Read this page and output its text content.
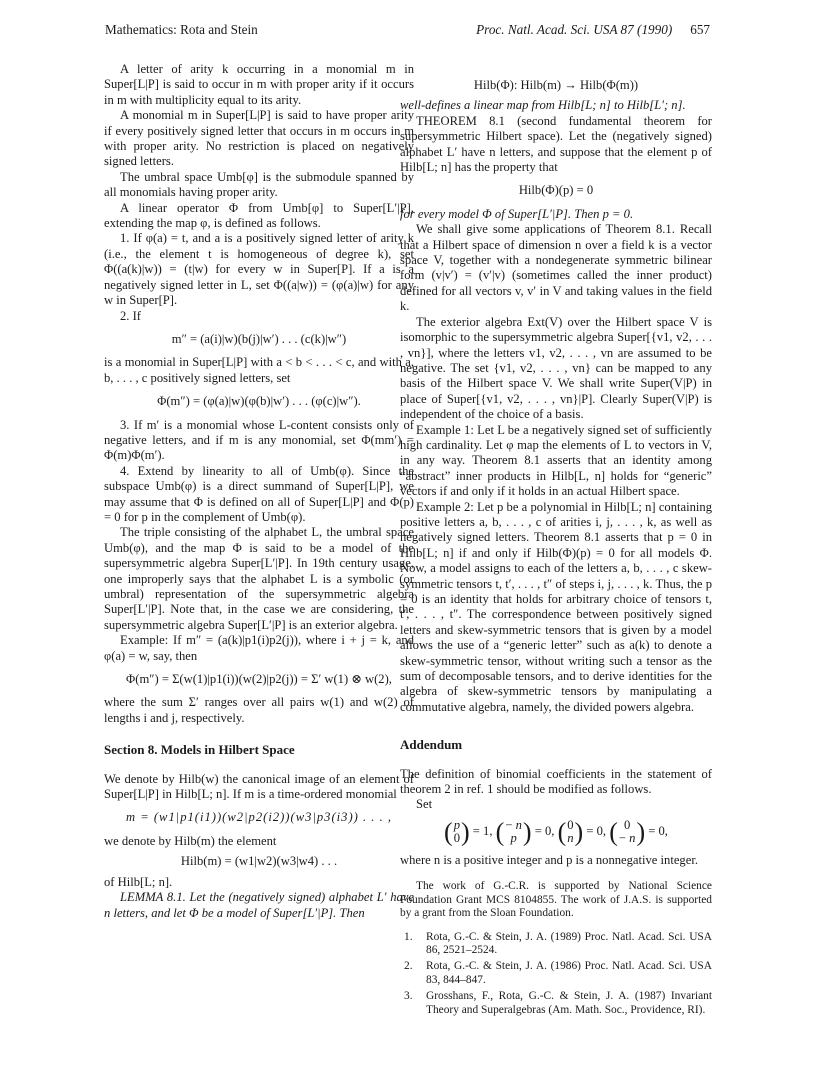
Mathematics: Rota and Stein	Proc. Natl. Acad. Sci. USA 87 (1990) 657

A letter of arity k occurring in a monomial m in Super[L|P] is said to occur in m with proper arity if it occurs in m with multiplicity equal to its arity.

A monomial m in Super[L|P] is said to have proper arity if every positively signed letter that occurs in m occurs in m with proper arity. No restriction is placed on negatively signed letters.

The umbral space Umb[φ] is the submodule spanned by all monomials having proper arity.

A linear operator Φ from Umb[φ] to Super[L′|P], extending the map φ, is defined as follows.

1. If φ(a) = t, and a is a positively signed letter of arity k (i.e., the element t is homogeneous of degree k), set Φ((a(k)|w)) = (t|w) for every w in Super[P]. If a is a negatively signed letter in L, set Φ((a|w)) = (φ(a)|w) for any w in Super[P].

2. If

m″ = (a(i)|w)(b(j)|w′) . . . (c(k)|w″)

is a monomial in Super[L|P] with a < b < . . . < c, and with a, b, . . . , c positively signed letters, set

Φ(m″) = (φ(a)|w)(φ(b)|w′) . . . (φ(c)|w″).

3. If m′ is a monomial whose L-content consists only of negative letters, and if m is any monomial, set Φ(mm′) = Φ(m)Φ(m′).

4. Extend by linearity to all of Umb(φ). Since the subspace Umb(φ) is a direct summand of Super[L|P], we may assume that Φ is defined on all of Super[L|P] and Φ(p) = 0 for p in the complement of Umb(φ).

The triple consisting of the alphabet L, the umbral space Umb(φ), and the map Φ is said to be a model of the supersymmetric algebra Super[L′|P]. In 19th century usage, one improperly says that the alphabet L is a symbolic (or umbral) representation of the supersymmetric algebra Super[L′|P]. Note that, in the case we are considering, the supersymmetric algebra Super[L′|P] is an exterior algebra.

Example: If m″ = (a(k)|p1(i)p2(j)), where i + j = k, and φ(a) = w, say, then

Φ(m″) = Σ(w(1)|p1(i))(w(2)|p2(j)) = Σ′ w(1) ⊗ w(2),

where the sum Σ′ ranges over all pairs w(1) and w(2) of lengths i and j, respectively.

Section 8. Models in Hilbert Space

We denote by Hilb(w) the canonical image of an element of Super[L|P] in Hilb[L; n]. If m is a time-ordered monomial

m = (w1|p1(i1))(w2|p2(i2))(w3|p3(i3)) . . . ,

we denote by Hilb(m) the element

Hilb(m) = (w1|w2)(w3|w4) . . .

of Hilb[L; n].

LEMMA 8.1. Let the (negatively signed) alphabet L′ have n letters, and let Φ be a model of Super[L′|P]. Then

Hilb(Φ): Hilb(m) → Hilb(Φ(m))

well-defines a linear map from Hilb[L; n] to Hilb[L′; n].

THEOREM 8.1 (second fundamental theorem for supersymmetric Hilbert space). Let the (negatively signed) alphabet L′ have n letters, and suppose that the element p of Hilb[L; n] has the property that

Hilb(Φ)(p) = 0

for every model Φ of Super[L′|P]. Then p = 0.

We shall give some applications of Theorem 8.1. Recall that a Hilbert space of dimension n over a field k is a vector space V, together with a nondegenerate symmetric bilinear form (v|v′) = (v′|v) (sometimes called the inner product) defined for all vectors v, v′ in V and taking values in the field k.

The exterior algebra Ext(V) over the Hilbert space V is isomorphic to the supersymmetric algebra Super[{v1, v2, . . . , vn}], where the letters v1, v2, . . . , vn are assumed to be negative. The set {v1, v2, . . . , vn} can be mapped to any basis of the Hilbert space V. We shall write Super(V|P) in place of Super[{v1, v2, . . . , vn}|P]. Clearly Super(V|P) is independent of the choice of a basis.

Example 1: Let L be a negatively signed set of sufficiently high cardinality. Let φ map the elements of L to vectors in V, in any way. Theorem 8.1 asserts that an identity among “abstract” inner products in Hilb[L, n] holds for “generic” vectors if and only if it holds in an actual Hilbert space.

Example 2: Let p be a polynomial in Hilb[L; n] containing positive letters a, b, . . . , c of arities i, j, . . . , k, as well as negatively signed letters. Theorem 8.1 asserts that p = 0 in Hilb[L; n] if and only if Hilb(Φ)(p) = 0 for all models Φ. Now, a model assigns to each of the letters a, b, . . . , c skew-symmetric tensors t, t′, . . . , t″ of steps i, j, . . . , k. Thus, the p = 0 is an identity that holds for arbitrary choice of tensors t, t′, . . . , t″. The correspondence between positively signed letters and skew-symmetric tensors that is given by a model allows the use of a “generic letter” such as a(k) to denote a skew-symmetric tensor, without writing such a tensor as the sum of decomposable tensors, and to derive identities for the algebra of skew-symmetric tensors by manipulating a commutative algebra, namely, the divided powers algebra.

Addendum

The definition of binomial coefficients in the statement of theorem 2 in ref. 1 should be modified as follows.

Set

( p
0 ) = 1, ( − n
p ) = 0, ( 0
n ) = 0, ( 0
− n ) = 0,

where n is a positive integer and p is a nonnegative integer.

The work of G.-C.R. is supported by National Science Foundation Grant MCS 8104855. The work of J.A.S. is supported by a grant from the Sloan Foundation.

1.	Rota, G.-C. & Stein, J. A. (1989) Proc. Natl. Acad. Sci. USA 86, 2521–2524.
2.	Rota, G.-C. & Stein, J. A. (1986) Proc. Natl. Acad. Sci. USA 83, 844–847.
3.	Grosshans, F., Rota, G.-C. & Stein, J. A. (1987) Invariant Theory and Superalgebras (Am. Math. Soc., Providence, RI).
